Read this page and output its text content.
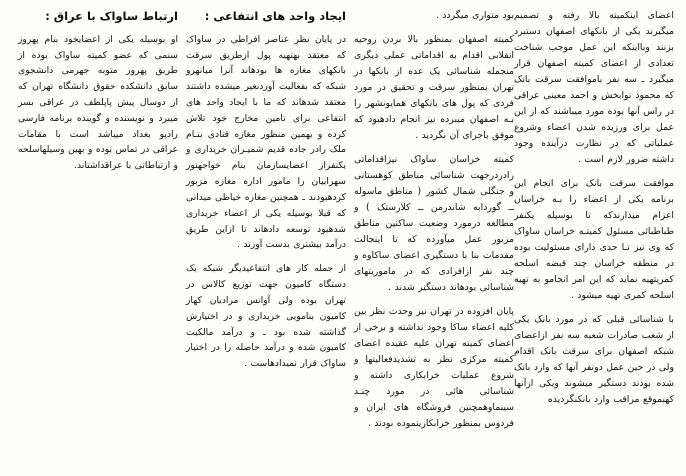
ارتباط ساواک با عراق :
او بوسیله یکی از اعضایخود بنام پهروز سنمی که عضو کمیته ساواک بوده از طریق پهروز متوبه جهرمی دانشجوی سابق دانشکده حقوق دانشگاه تهران که از دوسال پیش پاپلطف در عراقی بسر میبرد و نویسنده و گوینده برنامه فارسی رادیو بغداد میباشد است با مقامات عراقی در تماس بوده و بهین وسیلهاسلحه و ارتباطاتی با عراقداشتاند.
ایجاد واحد های انتفاعی :
در پایان نظر عناصر افراطی در ساواک که معتقد بهتهیه پول ازطریق سرقت بانکهای مغازه ها بودهاند آنرا میانهرو شبکه که بفعالیت آوردنغیر میشده داشتند معتقد شدهاند که ما با ایجاد واحد های انتفاعی برای تامین مخارج خود تلاش کرده و بهمین منظور مغازه قنادی بنـام ملک رادر جاده قدیم شمیـران خریداری و یکنفراز اعضایسازمان بنام خواجهنور سهرابیان را مامور اداره مغازه مزبور کردهبودند ـ همچنین مغازه خیاطی میدانی که قبلا بوسیله یکی از اعضاء خریداری شدهبود توسعه دادهاند تا ازاین طریق درآمد بیشتری بدست آورند .
از جمله کار های انتفاعیدیگر شبکه یک دستگاه کامیون جهت توزیع کالاس در تهران بوده ولی آوانس مرادیان کهاز کامیون بنامویی خریداری و در اختیارش گذاشته شده بود ـ و درآمد مالکیت کامیون شده و درآمد حاصله را در اختیار ساواک قرار نمیدادهاست .
بود متواری میگردد .
کمیته اصفهان بمنظور بالا بردن روحیه انقلابی اقدام به اقداماتی عملی دیگری منجمله شناسائی یک عده از بانکها در تهران بمنظور سرقت و تحقیق در مورد فردی که پول های بانکهای همایونشهر را بـه اصفهان میبرده نیز انجام دادهبود که موفق باجرای آن نگردید .
کمیته خراسان ساواک نیزاقداماتی رادردرجهت شناسائی مناطق کوهستانی و جنگلی شمال کشور ( مناطق ماسوله ــ گوردابه شاندرمن ــ کلارستک ) و مطالعه درمورد وضعیت ساکنین مناطق مزبور عمل میآورده که تا اینجالت مقدمات بنا با دستگیری اعضای ساکاوه و چند نفر ازافرادی که در ماموریتهای شناسائی بودهاند دستگیر شدند .
پایان افزوده در تهران نیز وحدت نظر بین کلیه اعضاء ساکا وجود نداشته و برخی از اعضای کمیته تهران علیه عقیده اعضای کمیته مرکزی نظر به تشدیدفعالیتها و شروع عملیات خرابکاری داشته و شناسائی هائی در مورد چنـد سینماوهمچنین فروشگاه های ایران و فردوس بمنظور خرابکارینموده بودند .
اعضای اینکمیته بالا رفته و تصمیم میگیرند یکی از بانکهای اصفهان دستبرد بزنند وبااینکه این عمل موجب شناخت تعدادی از اعضای کمیته اصفهان قرار میگیرد ـ سه نفر باموافقت سرقت بانک که محمود نوابخش و احمد معینی عراقی در راس آنها بوده مورد میباشند که از این عمل برای ورزیده شدن اعضاء وشروع عملیاتی که در نظارت درآینده وجود داشته ضرور لازم است .
موافقت سرقت بانک برای انجام این برنامه یکی از اعضاء را بـه خراسان اعزام میدارندکه تا بوسیله یکنفر طباطبائی مسئول کمیتـه خراسان ساواک که وی نیز تـا حدی دارای مسئولیت بوده در منطقه خراسان چند قبضه اسلحه کمریتهیه نماید که این امر انجامو به تهیه اسلحه کمری تهیه میشود .
با شناسائی قبلی که در مورد بانک یکی از شعب صادرات شعبه سه نفر ازاعضای شبکه اصفهان برای سرقت بانک اقدام ولی در حین عمل دونفر آنها که وارد بانک شده بودند دستگیر میشوند ویکی ازآنها کهبموقع مراقب وارد بانکنگردیده
